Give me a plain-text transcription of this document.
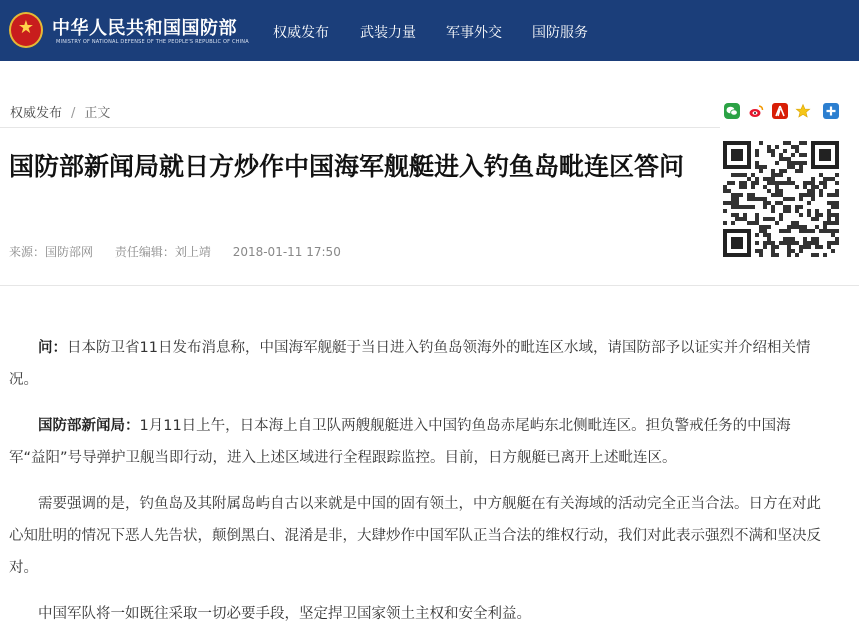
★
中华人民共和国国防部
MINISTRY OF NATIONAL DEFENSE OF THE PEOPLE'S REPUBLIC OF CHINA
权威发布 武装力量 军事外交 国防服务
权威发布 / 正文
国防部新闻局就日方炒作中国海军舰艇进入钓鱼岛毗连区答问
来源：国防部网 责任编辑：刘上靖 2018-01-11 17:50

问：日本防卫省11日发布消息称，中国海军舰艇于当日进入钓鱼岛领海外的毗连区水域，请国防部予以证实并介绍相关情况。

国防部新闻局：1月11日上午，日本海上自卫队两艘舰艇进入中国钓鱼岛赤尾屿东北侧毗连区。担负警戒任务的中国海军“益阳”号导弹护卫舰当即行动，进入上述区域进行全程跟踪监控。目前，日方舰艇已离开上述毗连区。

需要强调的是，钓鱼岛及其附属岛屿自古以来就是中国的固有领土，中方舰艇在有关海域的活动完全正当合法。日方在对此心知肚明的情况下恶人先告状，颠倒黑白、混淆是非，大肆炒作中国军队正当合法的维权行动，我们对此表示强烈不满和坚决反对。

中国军队将一如既往采取一切必要手段，坚定捍卫国家领土主权和安全利益。
